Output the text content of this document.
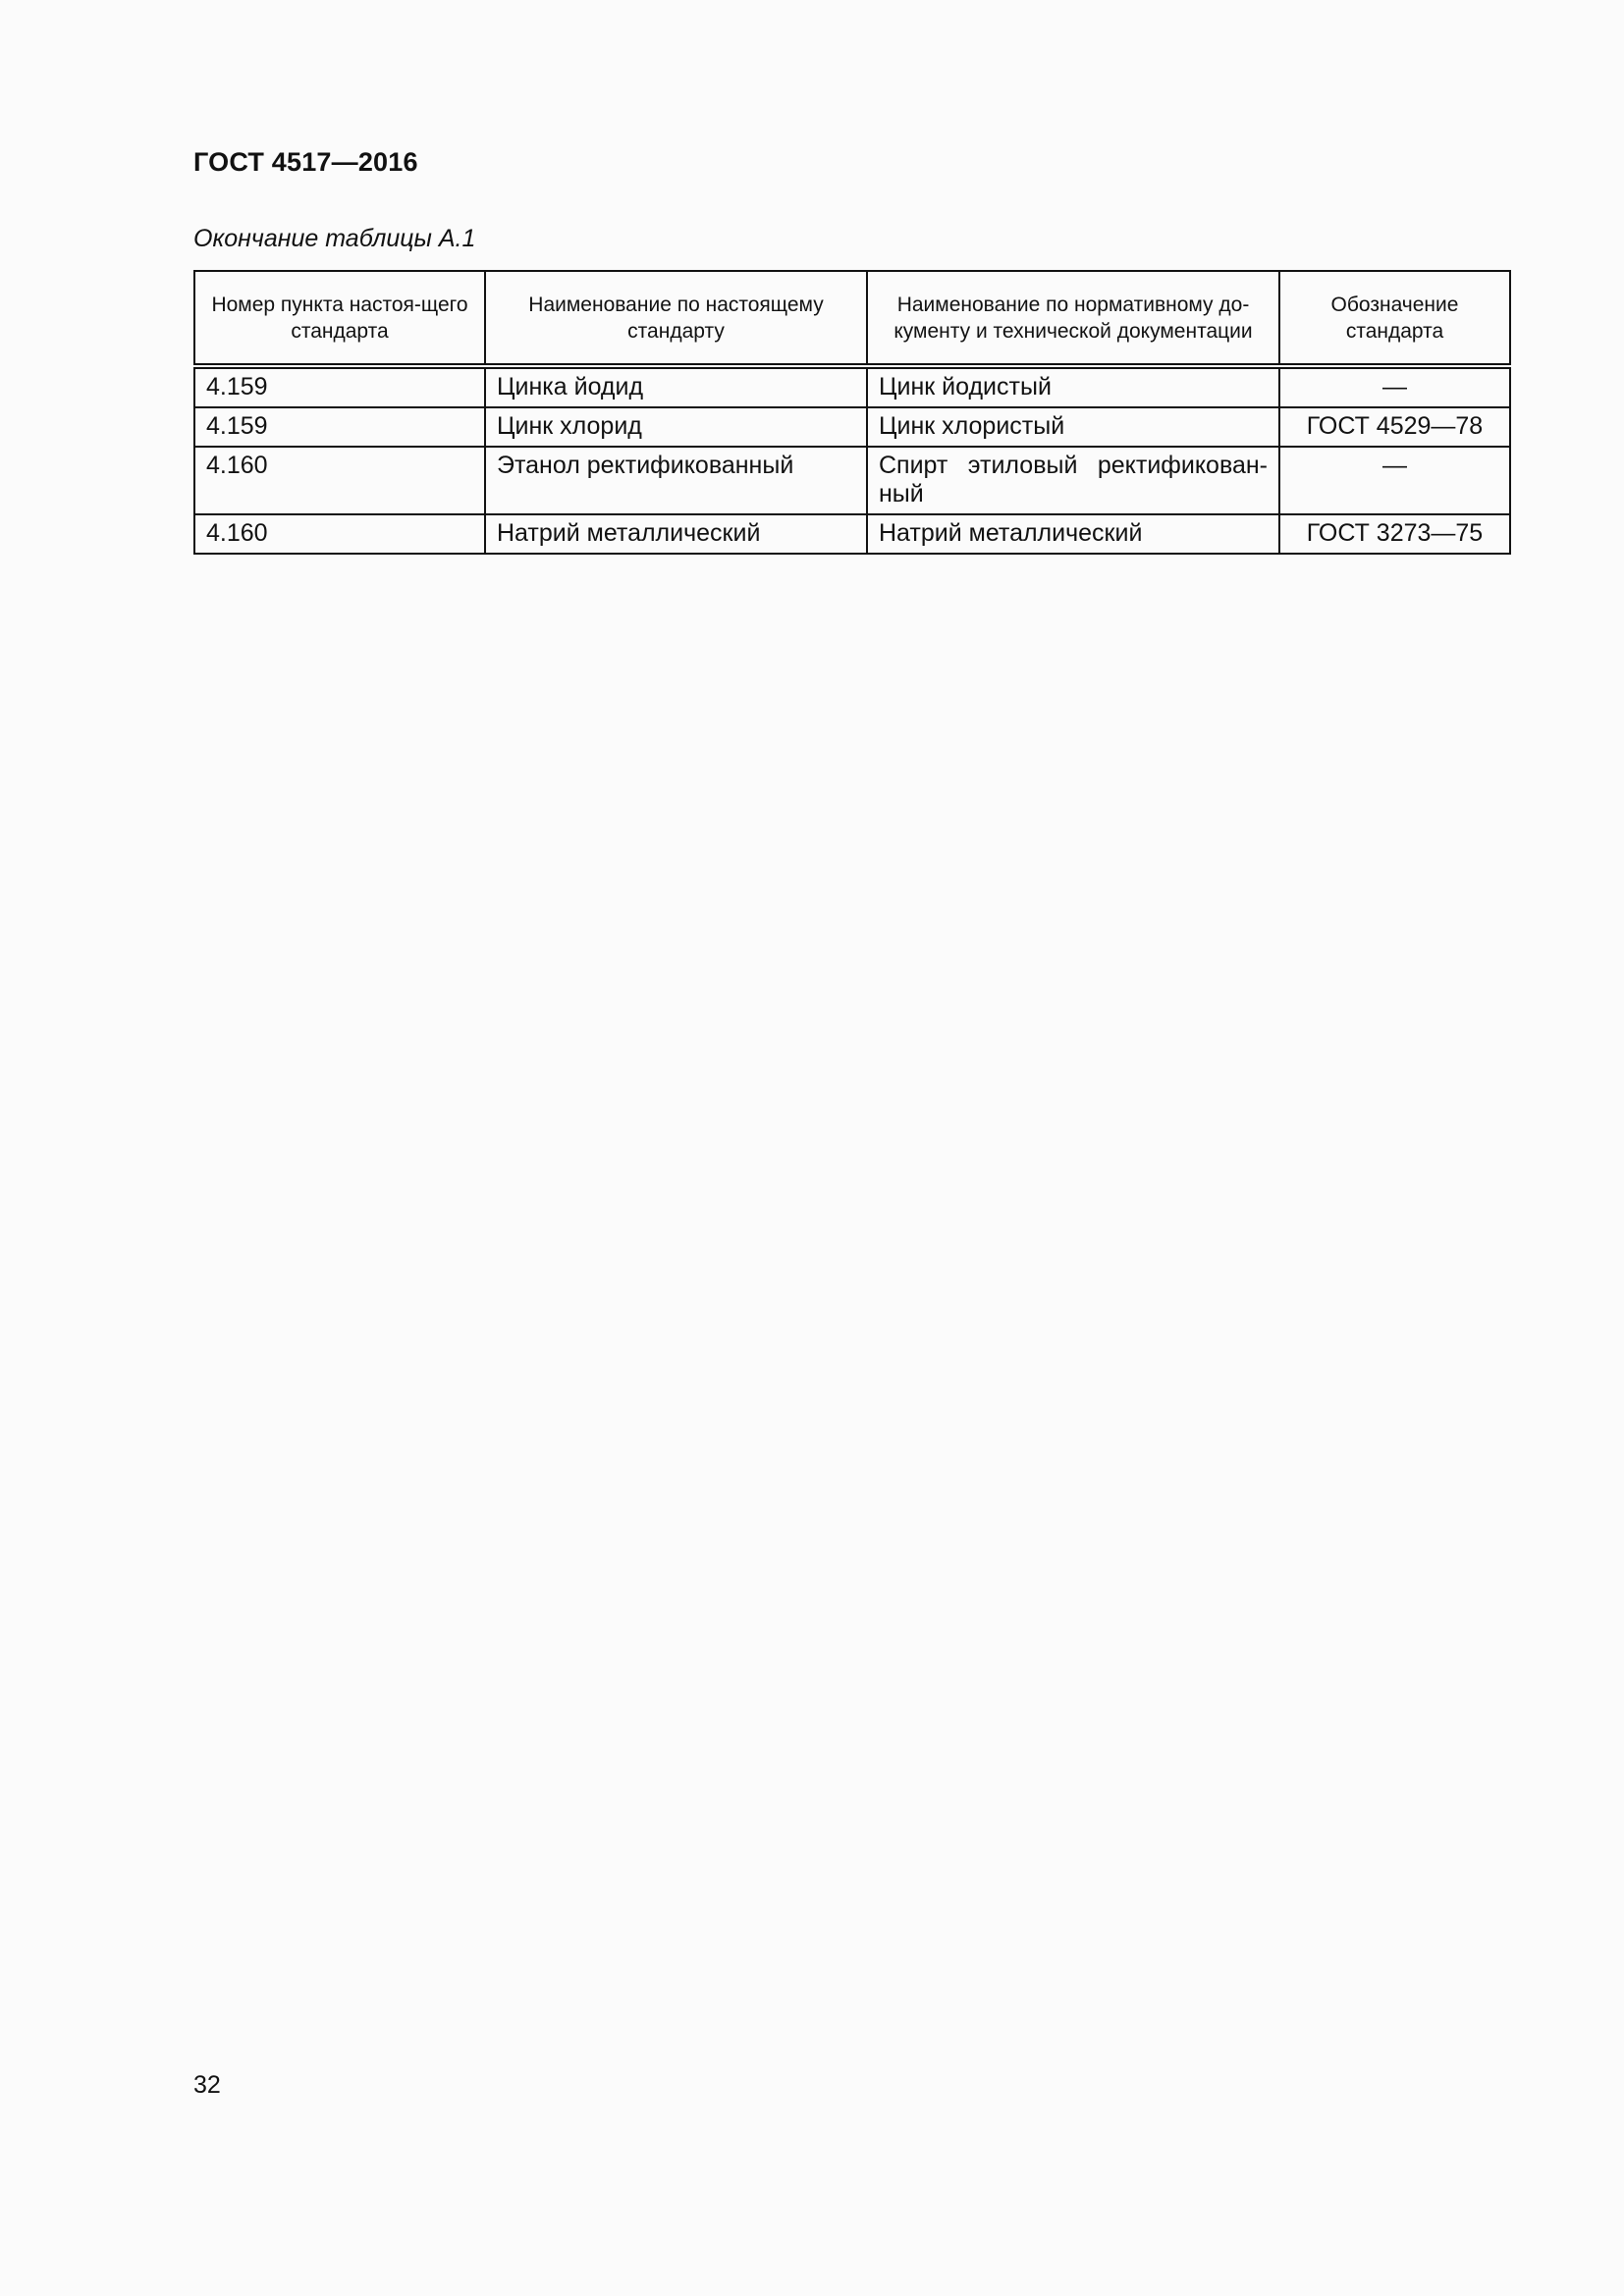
ГОСТ 4517—2016
Окончание таблицы А.1
Номер пункта настоя-щего стандарта	Наименование по настоящему стандарту	Наименование по нормативному до-кументу и технической документации	Обозначение стандарта
4.159	Цинка йодид	Цинк йодистый	—
4.159	Цинк хлорид	Цинк хлористый	ГОСТ 4529—78
4.160	Этанол ректификованный	Спирт этиловый ректификован-ный	—
4.160	Натрий металлический	Натрий металлический	ГОСТ 3273—75
32
